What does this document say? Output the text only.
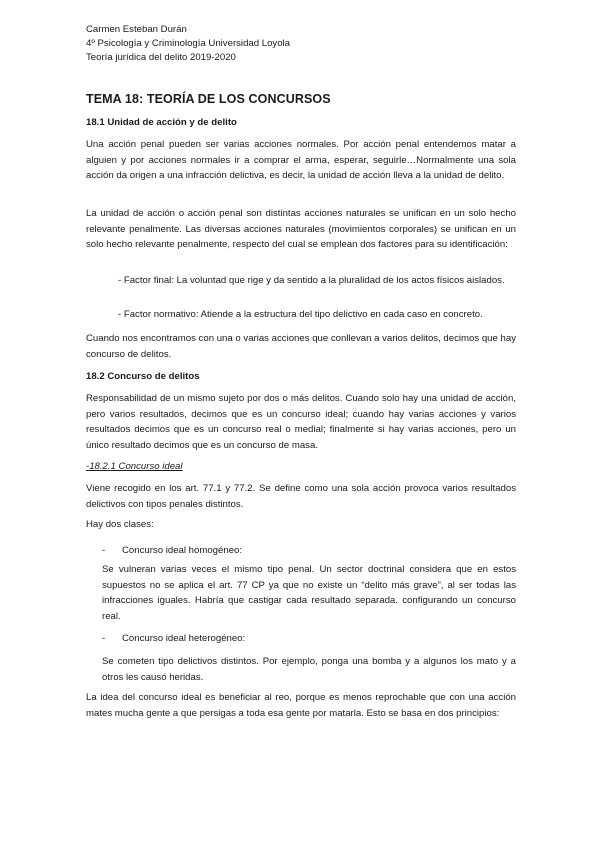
Carmen Esteban Durán
4º Psicología y Criminología Universidad Loyola
Teoría jurídica del delito 2019-2020
TEMA 18: TEORÍA DE LOS CONCURSOS
18.1 Unidad de acción y de delito
Una acción penal pueden ser varias acciones normales. Por acción penal entendemos matar a alguien y por acciones normales ir a comprar el arma, esperar, seguirle…Normalmente una sola acción da origen a una infracción delictiva, es decir, la unidad de acción lleva a la unidad de delito.
La unidad de acción o acción penal son distintas acciones naturales se unifican en un solo hecho relevante penalmente. Las diversas acciones naturales (movimientos corporales) se unifican en un solo hecho relevante penalmente, respecto del cual se emplean dos factores para su identificación:
- Factor final: La voluntad que rige y da sentido a la pluralidad de los actos físicos aislados.
- Factor normativo: Atiende a la estructura del tipo delictivo en cada caso en concreto.
Cuando nos encontramos con una o varias acciones que conllevan a varios delitos, decimos que hay concurso de delitos.
18.2 Concurso de delitos
Responsabilidad de un mismo sujeto por dos o más delitos. Cuando solo hay una unidad de acción, pero varios resultados, decimos que es un concurso ideal; cuando hay varias acciones y varios resultados decimos que es un concurso real o medial; finalmente si hay varias acciones, pero un único resultado decimos que es un concurso de masa.
-18.2.1 Concurso ideal
Viene recogido en los art. 77.1 y 77.2. Se define como una sola acción provoca varios resultados delictivos con tipos penales distintos.
Hay dos clases:
- Concurso ideal homogéneo:
Se vulneran varias veces el mismo tipo penal. Un sector doctrinal considera que en estos supuestos no se aplica el art. 77 CP ya que no existe un “delito más grave”, al ser todas las infracciones iguales. Habría que castigar cada resultado separada. configurando un concurso real.
- Concurso ideal heterogéneo:
Se cometen tipo delictivos distintos. Por ejemplo, ponga una bomba y a algunos los mato y a otros les causó heridas.
La idea del concurso ideal es beneficiar al reo, porque es menos reprochable que con una acción mates mucha gente a que persigas a toda esa gente por matarla. Esto se basa en dos principios:
